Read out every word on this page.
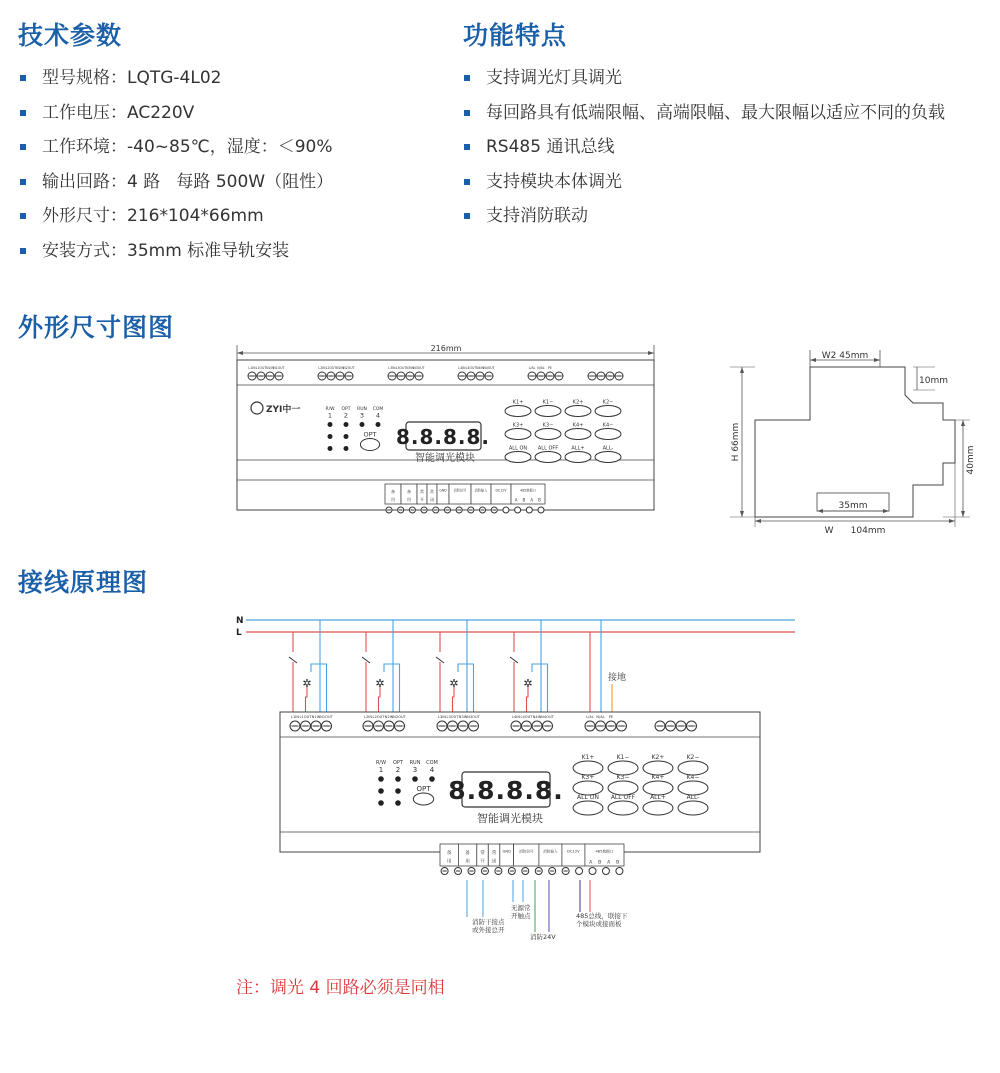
技术参数
型号规格：LQTG-4L02
工作电压：AC220V
工作环境：-40~85℃，湿度：＜90%
输出回路：4 路   每路 500W（阻性）
外形尺寸：216*104*66mm
安装方式：35mm 标准导轨安装
功能特点
支持调光灯具调光
每回路具有低端限幅、高端限幅、最大限幅以适应不同的负载
RS485 通讯总线
支持模块本体调光
支持消防联动
外形尺寸图图
216mm
L1IN L1OUT N1IN N1OUT	L2IN L2OUT N2IN N2OUT	L3IN L3OUT N3IN N3OUT	L4IN L4OUT N4IN N4OUT	L/AL N/AL PE
ZYI中一	R/W
1
OPT
2
RUN
3
COM
4
OPT 8.8.8.8.
智能调光模块
K1+	K1−	K2+	K2−
K3+	K3−	K4+	K4−
ALL ON ALL OFF	ALL+	ALL-
备
用
备
用
常
开
常
闭
GND 消防信号	消防输入	DC12V	485数据口
A B A B
W2 45mm
10mm
H 66mm	40mm
35mm
W      104mm
接线原理图
N
L
✲	✲	✲	✲	接地
L1IN L1OUT N1IN N1OUT	L2IN L2OUT N2IN N2OUT	L3IN L3OUT N3IN N3OUT	L4IN L4OUT N4IN N4OUT	L/AL N/AL PE
R/W
1
OPT
2
RUN
3
COM
4
OPT 8.8.8.8.
智能调光模块
K1+	K1−	K2+	K2−
K3+	K3−	K4+	K4−
ALL ON ALL OFF ALL+	ALL-
备
用
备
用
常
开
常
闭
GND 消防信号	消防输入	DC12V	485数据口
A B A B
消防干接点或外接总开
无源常开触点
消防24V
485总线，联接下个模块或接面板
注：调光 4 回路必须是同相
